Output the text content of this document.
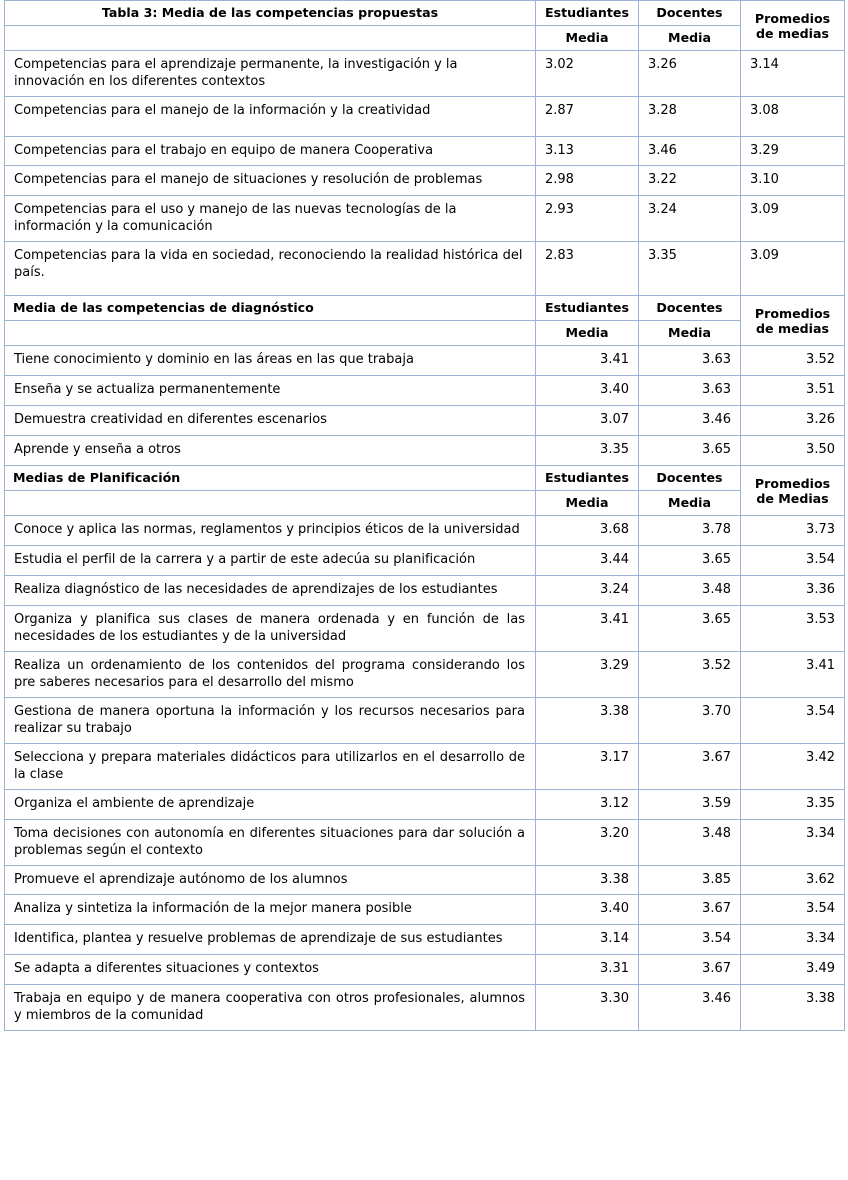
Tabla 3: Media de las competencias propuestas	Estudiantes	Docentes	Promedios de medias
	Media	Media	
Competencias para el aprendizaje permanente, la investigación y la innovación en los diferentes contextos	3.02	3.26	3.14
Competencias para el manejo de la información y la creatividad	2.87	3.28	3.08
Competencias para el trabajo en equipo de manera Cooperativa	3.13	3.46	3.29
Competencias para el manejo de situaciones y resolución de problemas	2.98	3.22	3.10
Competencias para el uso y manejo de las nuevas tecnologías de la información y la comunicación	2.93	3.24	3.09
Competencias para la vida en sociedad, reconociendo la realidad histórica del país.	2.83	3.35	3.09
Media de las competencias de diagnóstico	Estudiantes	Docentes	Promedios de medias
	Media	Media	
Tiene conocimiento y dominio en las áreas en las que trabaja	3.41	3.63	3.52
Enseña y se actualiza permanentemente	3.40	3.63	3.51
Demuestra creatividad en diferentes escenarios	3.07	3.46	3.26
Aprende y enseña a otros	3.35	3.65	3.50
Medias de Planificación	Estudiantes	Docentes	Promedios de Medias
	Media	Media	
Conoce y aplica las normas, reglamentos y principios éticos de la universidad	3.68	3.78	3.73
Estudia el perfil de la carrera y a partir de este adecúa su planificación	3.44	3.65	3.54
Realiza diagnóstico de las necesidades de aprendizajes de los estudiantes	3.24	3.48	3.36
Organiza y planifica sus clases de manera ordenada y en función de las necesidades de los estudiantes y de la universidad	3.41	3.65	3.53
Realiza un ordenamiento de los contenidos del programa considerando los pre saberes necesarios para el desarrollo del mismo	3.29	3.52	3.41
Gestiona de manera oportuna la información y los recursos necesarios para realizar su trabajo	3.38	3.70	3.54
Selecciona y prepara materiales didácticos para utilizarlos en el desarrollo de la clase	3.17	3.67	3.42
Organiza el ambiente de aprendizaje	3.12	3.59	3.35
Toma decisiones con autonomía en diferentes situaciones para dar solución a problemas según el contexto	3.20	3.48	3.34
Promueve el aprendizaje autónomo de los alumnos	3.38	3.85	3.62
Analiza y sintetiza la información de la mejor manera posible	3.40	3.67	3.54
Identifica, plantea y resuelve problemas de aprendizaje de sus estudiantes	3.14	3.54	3.34
Se adapta a diferentes situaciones y contextos	3.31	3.67	3.49
Trabaja en equipo y de manera cooperativa con otros profesionales, alumnos y miembros de la comunidad	3.30	3.46	3.38
